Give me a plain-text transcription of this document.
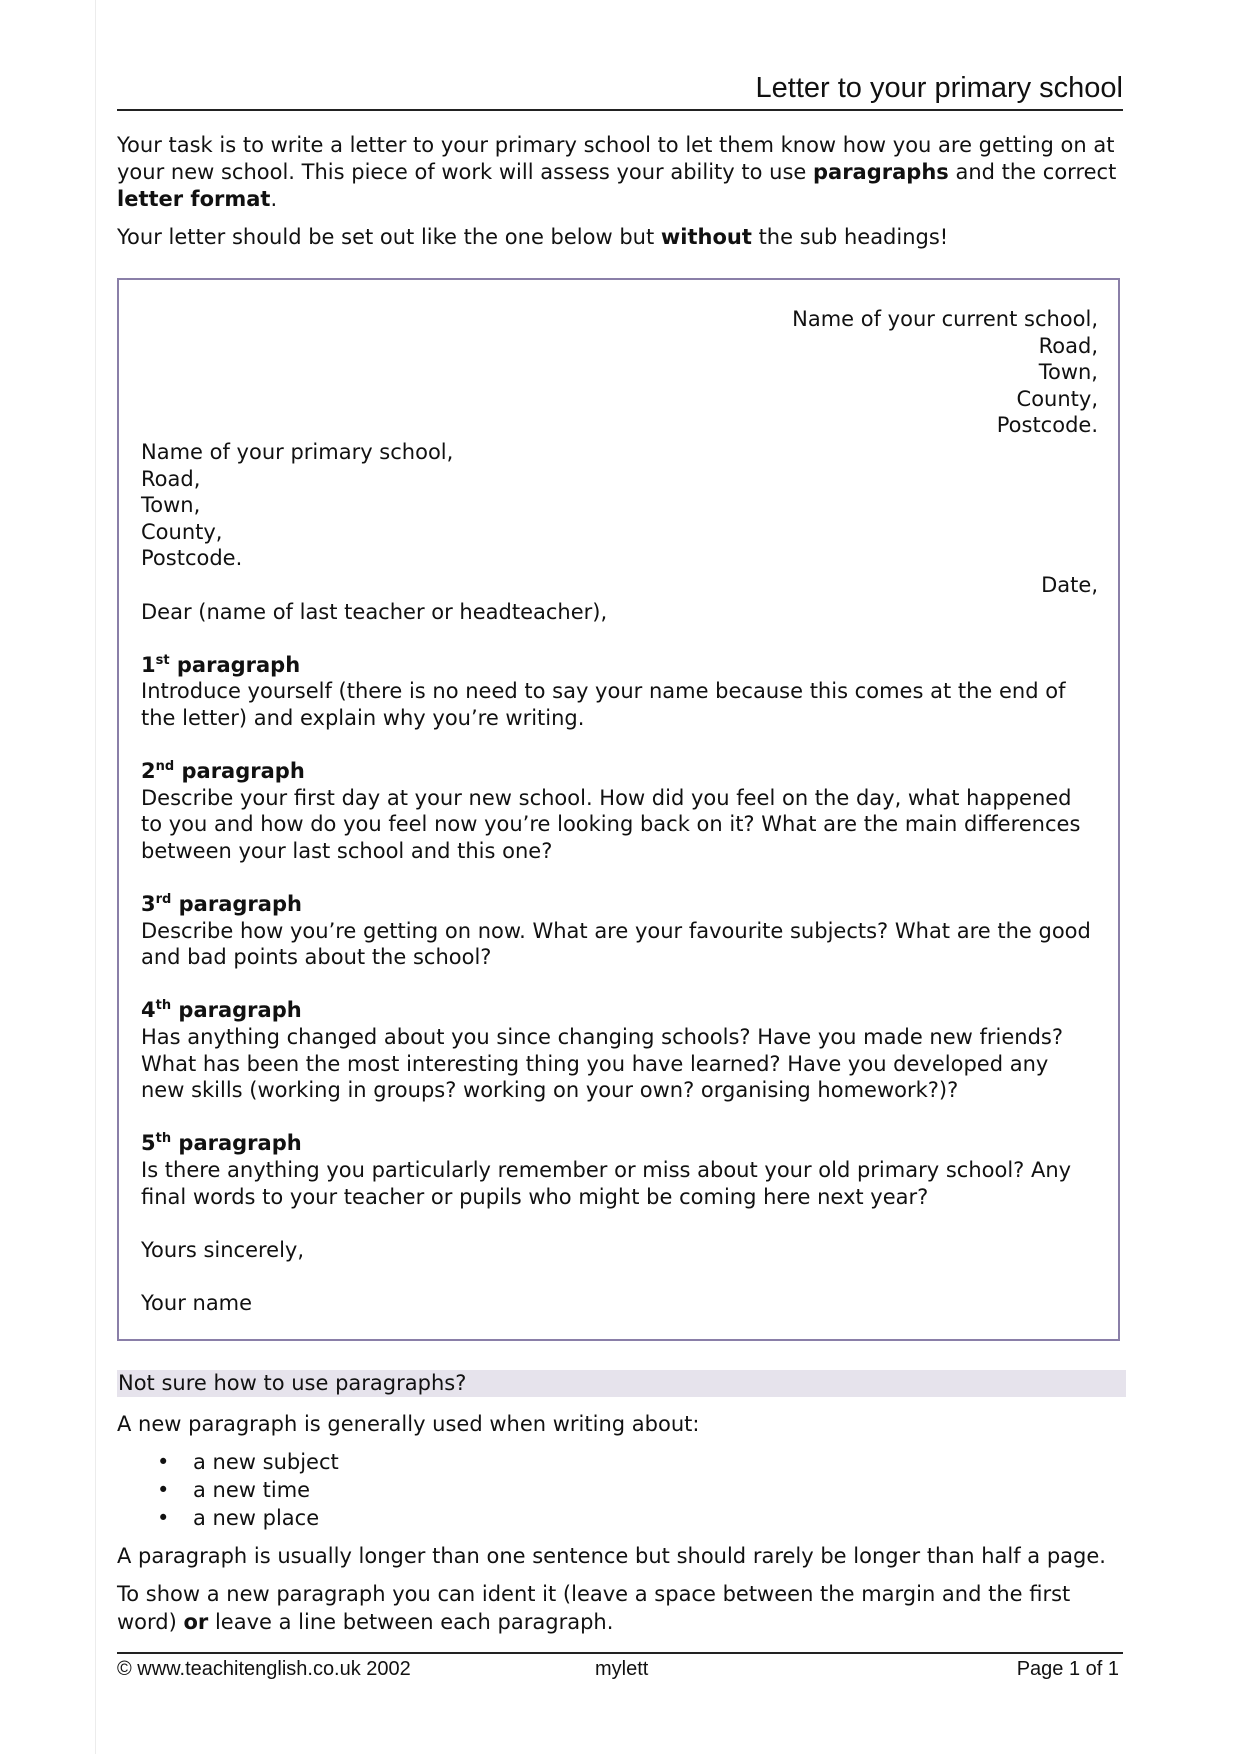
Letter to your primary school

Your task is to write a letter to your primary school to let them know how you are getting on at your new school. This piece of work will assess your ability to use paragraphs and the correct letter format.

Your letter should be set out like the one below but without the sub headings!

Name of your current school,
Road,
Town,
County,
Postcode.
Name of your primary school,
Road,
Town,
County,
Postcode.
Date,
Dear (name of last teacher or headteacher),
1st paragraph
Introduce yourself (there is no need to say your name because this comes at the end of the letter) and explain why you’re writing.
2nd paragraph
Describe your first day at your new school. How did you feel on the day, what happened to you and how do you feel now you’re looking back on it? What are the main differences between your last school and this one?
3rd paragraph
Describe how you’re getting on now. What are your favourite subjects? What are the good and bad points about the school?
4th paragraph
Has anything changed about you since changing schools? Have you made new friends? What has been the most interesting thing you have learned? Have you developed any new skills (working in groups? working on your own? organising homework?)?
5th paragraph
Is there anything you particularly remember or miss about your old primary school? Any final words to your teacher or pupils who might be coming here next year?
Yours sincerely,
Your name
Not sure how to use paragraphs?

A new paragraph is generally used when writing about:

• a new subject
• a new time
• a new place

A paragraph is usually longer than one sentence but should rarely be longer than half a page.

To show a new paragraph you can ident it (leave a space between the margin and the first word) or leave a line between each paragraph.

© www.teachitenglish.co.uk 2002	mylett	Page 1 of 1
